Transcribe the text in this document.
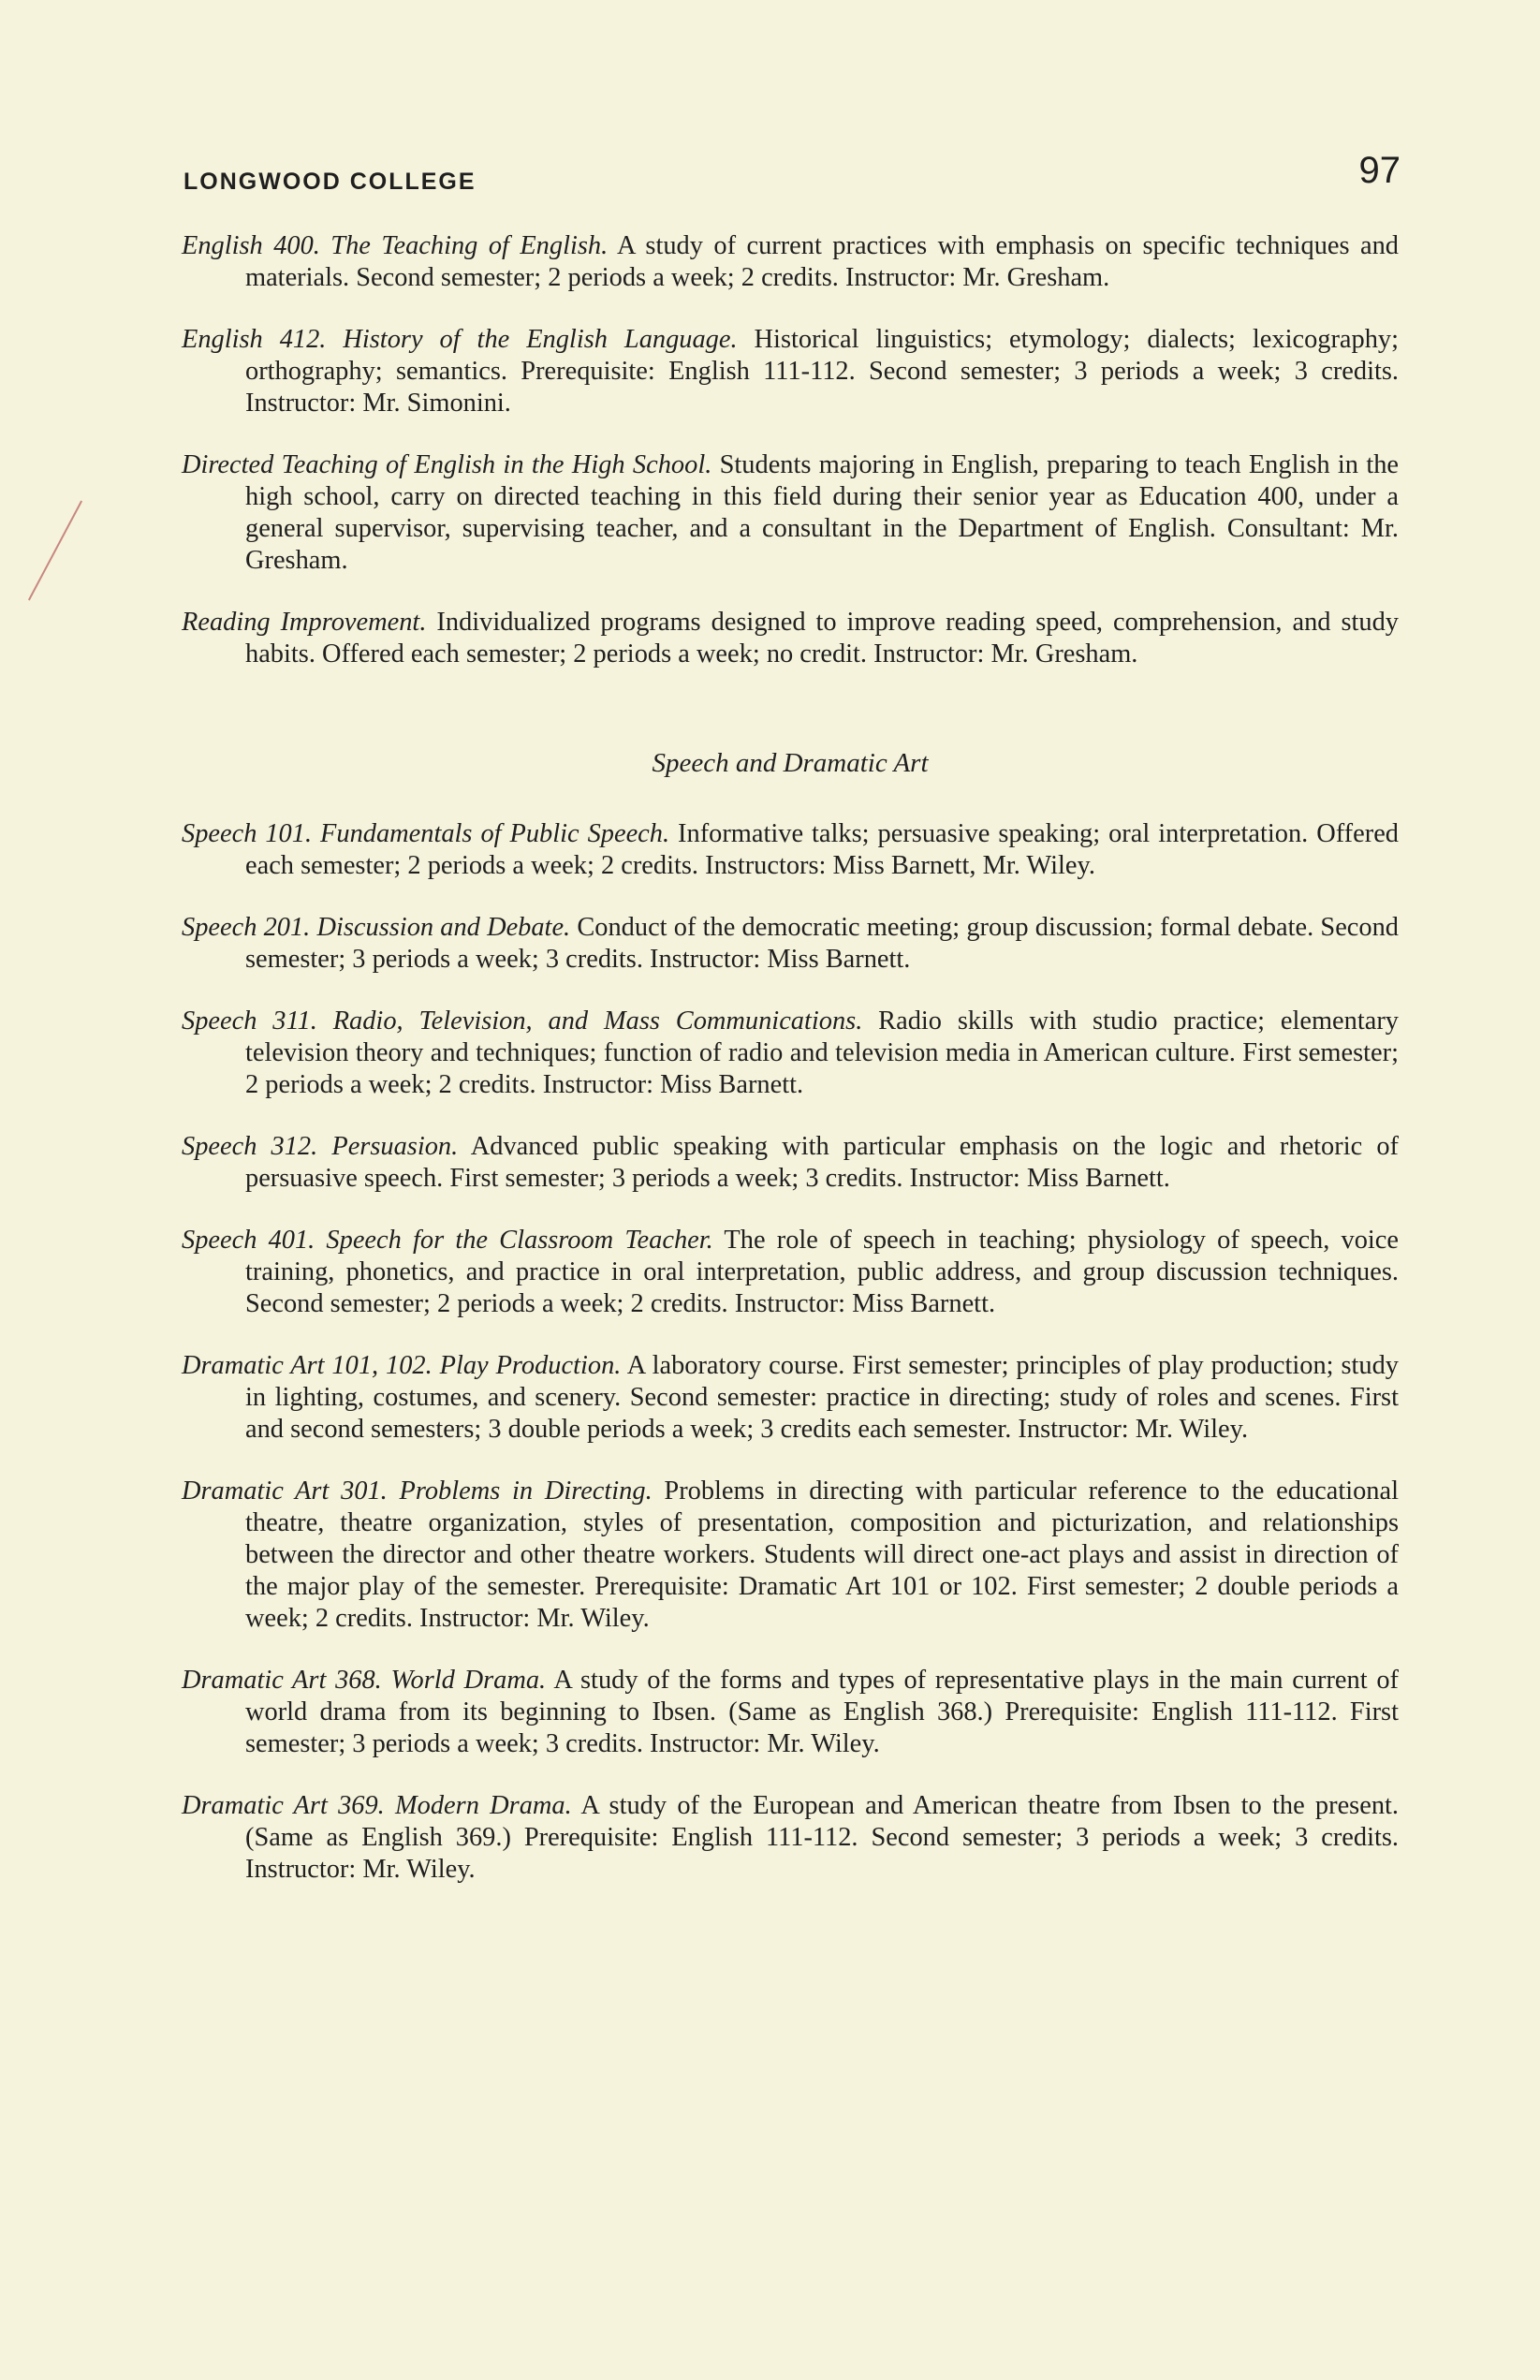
LONGWOOD COLLEGE	97

English 400. The Teaching of English. A study of current practices with emphasis on specific techniques and materials. Second semester; 2 periods a week; 2 credits. Instructor: Mr. Gresham.

English 412. History of the English Language. Historical linguistics; etymology; dialects; lexicography; orthography; semantics. Prerequisite: English 111-112. Second semester; 3 periods a week; 3 credits. Instructor: Mr. Simonini.

Directed Teaching of English in the High School. Students majoring in English, preparing to teach English in the high school, carry on directed teaching in this field during their senior year as Education 400, under a general supervisor, supervising teacher, and a consultant in the Department of English. Consultant: Mr. Gresham.

Reading Improvement. Individualized programs designed to improve reading speed, comprehension, and study habits. Offered each semester; 2 periods a week; no credit. Instructor: Mr. Gresham.

Speech and Dramatic Art

Speech 101. Fundamentals of Public Speech. Informative talks; persuasive speaking; oral interpretation. Offered each semester; 2 periods a week; 2 credits. Instructors: Miss Barnett, Mr. Wiley.

Speech 201. Discussion and Debate. Conduct of the democratic meeting; group discussion; formal debate. Second semester; 3 periods a week; 3 credits. Instructor: Miss Barnett.

Speech 311. Radio, Television, and Mass Communications. Radio skills with studio practice; elementary television theory and techniques; function of radio and television media in American culture. First semester; 2 periods a week; 2 credits. Instructor: Miss Barnett.

Speech 312. Persuasion. Advanced public speaking with particular emphasis on the logic and rhetoric of persuasive speech. First semester; 3 periods a week; 3 credits. Instructor: Miss Barnett.

Speech 401. Speech for the Classroom Teacher. The role of speech in teaching; physiology of speech, voice training, phonetics, and practice in oral interpretation, public address, and group discussion techniques. Second semester; 2 periods a week; 2 credits. Instructor: Miss Barnett.

Dramatic Art 101, 102. Play Production. A laboratory course. First semester; principles of play production; study in lighting, costumes, and scenery. Second semester: practice in directing; study of roles and scenes. First and second semesters; 3 double periods a week; 3 credits each semester. Instructor: Mr. Wiley.

Dramatic Art 301. Problems in Directing. Problems in directing with particular reference to the educational theatre, theatre organization, styles of presentation, composition and picturization, and relationships between the director and other theatre workers. Students will direct one-act plays and assist in direction of the major play of the semester. Prerequisite: Dramatic Art 101 or 102. First semester; 2 double periods a week; 2 credits. Instructor: Mr. Wiley.

Dramatic Art 368. World Drama. A study of the forms and types of representative plays in the main current of world drama from its beginning to Ibsen. (Same as English 368.) Prerequisite: English 111-112. First semester; 3 periods a week; 3 credits. Instructor: Mr. Wiley.

Dramatic Art 369. Modern Drama. A study of the European and American theatre from Ibsen to the present. (Same as English 369.) Prerequisite: English 111-112. Second semester; 3 periods a week; 3 credits. Instructor: Mr. Wiley.
